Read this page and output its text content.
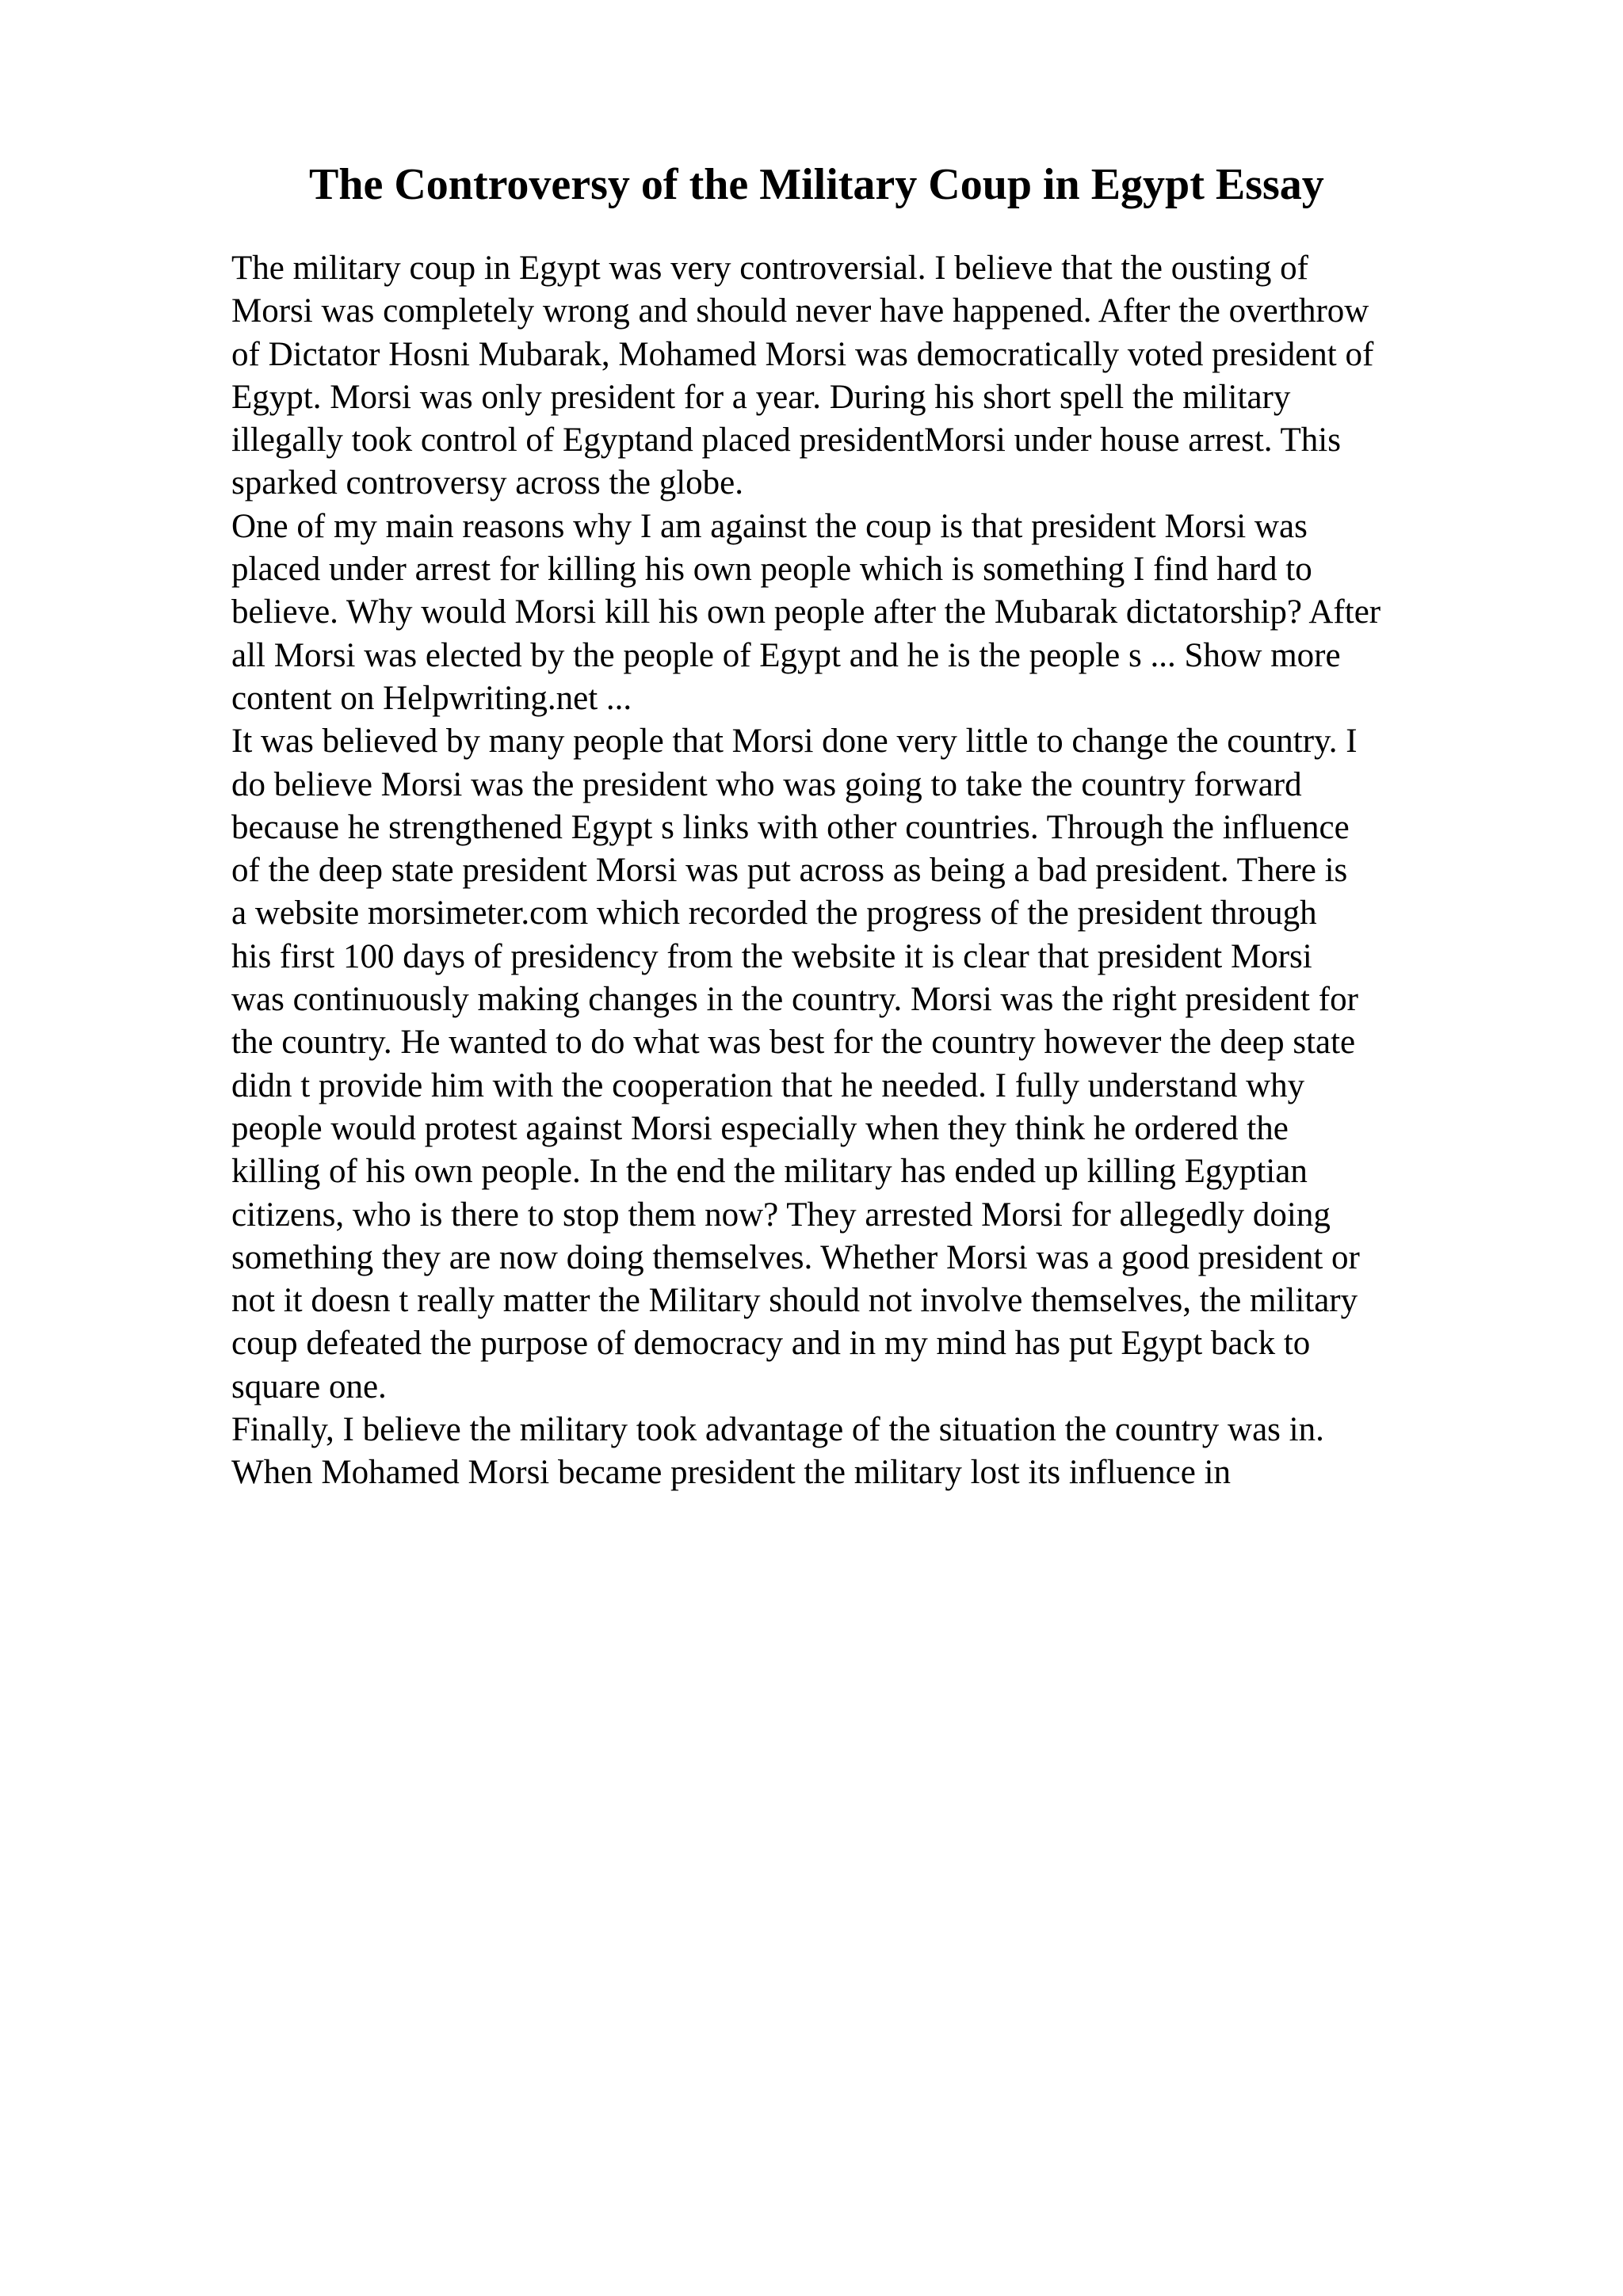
The Controversy of the Military Coup in Egypt Essay
The military coup in Egypt was very controversial. I believe that the ousting of
Morsi was completely wrong and should never have happened. After the overthrow
of Dictator Hosni Mubarak, Mohamed Morsi was democratically voted president of
Egypt. Morsi was only president for a year. During his short spell the military
illegally took control of Egyptand placed presidentMorsi under house arrest. This
sparked controversy across the globe.
One of my main reasons why I am against the coup is that president Morsi was
placed under arrest for killing his own people which is something I find hard to
believe. Why would Morsi kill his own people after the Mubarak dictatorship? After
all Morsi was elected by the people of Egypt and he is the people s ... Show more
content on Helpwriting.net ...
It was believed by many people that Morsi done very little to change the country. I
do believe Morsi was the president who was going to take the country forward
because he strengthened Egypt s links with other countries. Through the influence
of the deep state president Morsi was put across as being a bad president. There is
a website morsimeter.com which recorded the progress of the president through
his first 100 days of presidency from the website it is clear that president Morsi
was continuously making changes in the country. Morsi was the right president for
the country. He wanted to do what was best for the country however the deep state
didn t provide him with the cooperation that he needed. I fully understand why
people would protest against Morsi especially when they think he ordered the
killing of his own people. In the end the military has ended up killing Egyptian
citizens, who is there to stop them now? They arrested Morsi for allegedly doing
something they are now doing themselves. Whether Morsi was a good president or
not it doesn t really matter the Military should not involve themselves, the military
coup defeated the purpose of democracy and in my mind has put Egypt back to
square one.
Finally, I believe the military took advantage of the situation the country was in.
When Mohamed Morsi became president the military lost its influence in
